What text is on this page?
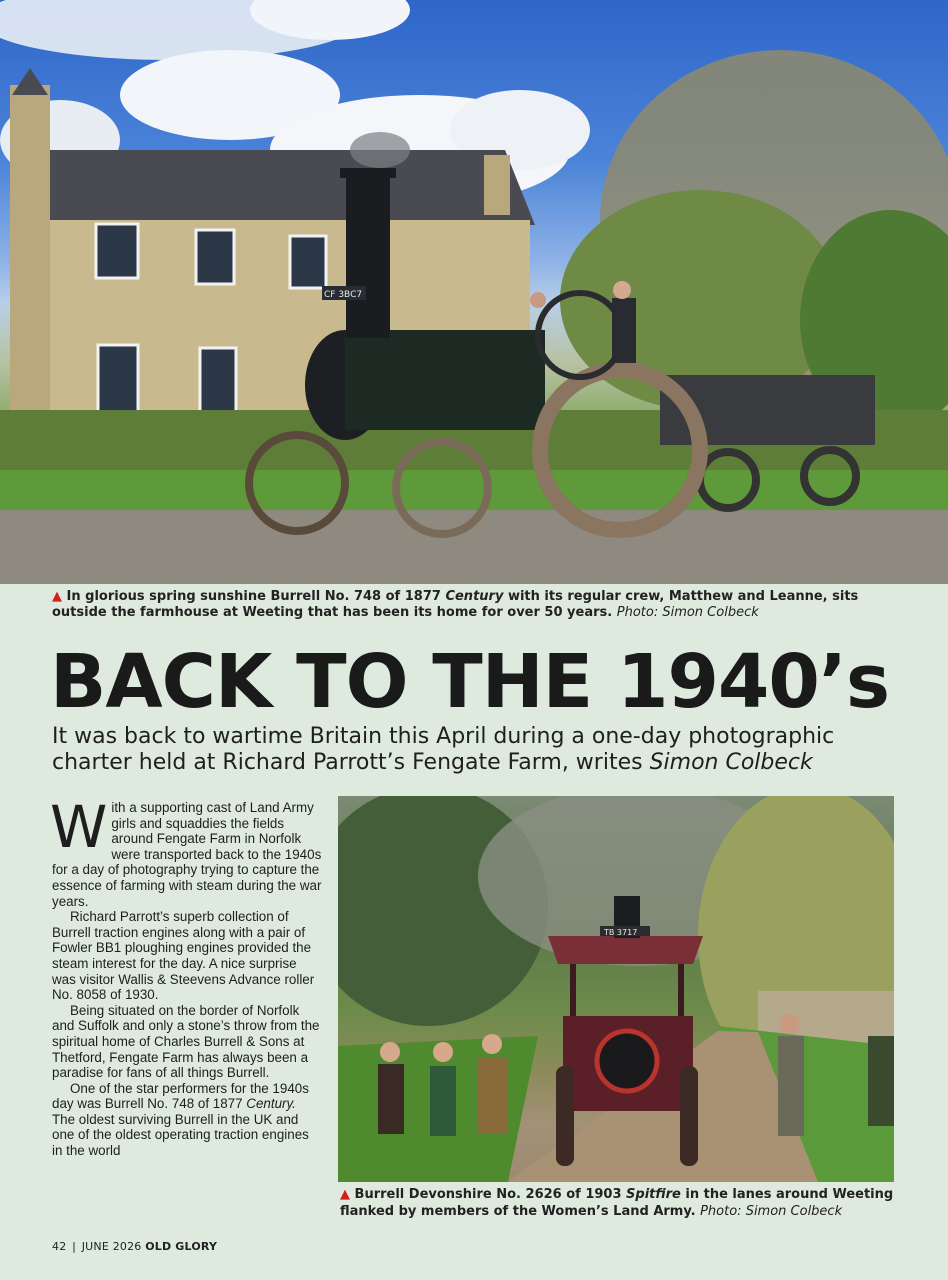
CF 3BC7
▲ In glorious spring sunshine Burrell No. 748 of 1877 Century with its regular crew, Matthew and Leanne, sits outside the farmhouse at Weeting that has been its home for over 50 years. Photo: Simon Colbeck
BACK TO THE 1940’s
It was back to wartime Britain this April during a one-day photographic charter held at Richard Parrott’s Fengate Farm, writes Simon Colbeck

With a supporting cast of Land Army girls and squaddies the fields around Fengate Farm in Norfolk were transported back to the 1940s for a day of photography trying to capture the essence of farming with steam during the war years.

Richard Parrott’s superb collection of Burrell traction engines along with a pair of Fowler BB1 ploughing engines provided the steam interest for the day. A nice surprise was visitor Wallis & Steevens Advance roller No. 8058 of 1930.

Being situated on the border of Norfolk and Suffolk and only a stone’s throw from the spiritual home of Charles Burrell & Sons at Thetford, Fengate Farm has always been a paradise for fans of all things Burrell.

One of the star performers for the 1940s day was Burrell No. 748 of 1877 Century. The oldest surviving Burrell in the UK and one of the oldest operating traction engines in the world

TB 3717
▲ Burrell Devonshire No. 2626 of 1903 Spitfire in the lanes around Weeting flanked by members of the Women’s Land Army. Photo: Simon Colbeck
42 | JUNE 2026 OLD GLORY
